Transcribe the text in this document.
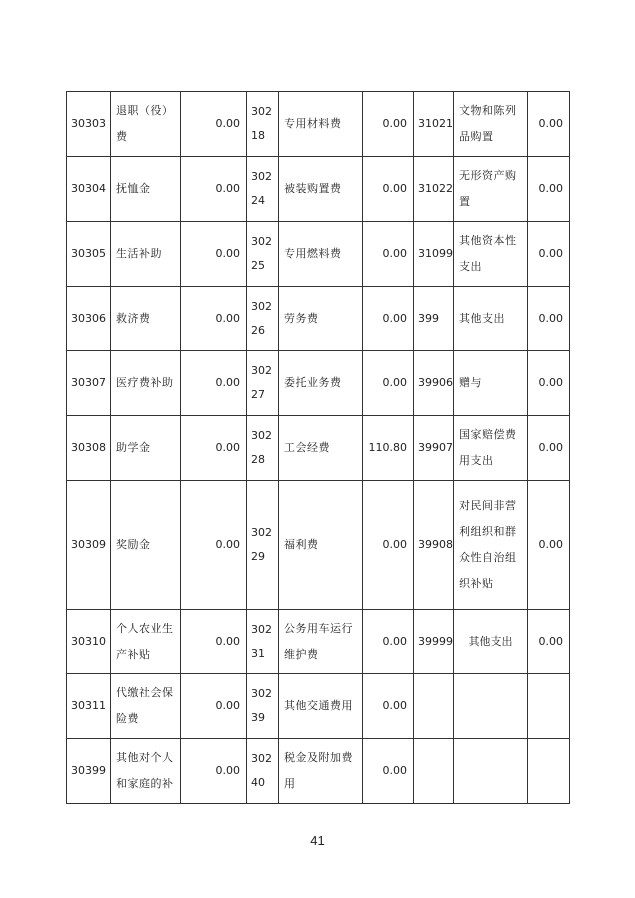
30303	退职（役）费	0.00	30218	专用材料费	0.00	31021	文物和陈列品购置	0.00
30304	抚恤金	0.00	30224	被装购置费	0.00	31022	无形资产购置	0.00
30305	生活补助	0.00	30225	专用燃料费	0.00	31099	其他资本性支出	0.00
30306	救济费	0.00	30226	劳务费	0.00	399	其他支出	0.00
30307	医疗费补助	0.00	30227	委托业务费	0.00	39906	赠与	0.00
30308	助学金	0.00	30228	工会经费	110.80	39907	国家赔偿费用支出	0.00
30309	奖励金	0.00	30229	福利费	0.00	39908	对民间非营利组织和群众性自治组织补贴	0.00
30310	个人农业生产补贴	0.00	30231	公务用车运行维护费	0.00	39999	其他支出	0.00
30311	代缴社会保险费	0.00	30239	其他交通费用	0.00			
30399	其他对个人和家庭的补	0.00	30240	税金及附加费用	0.00			
41
